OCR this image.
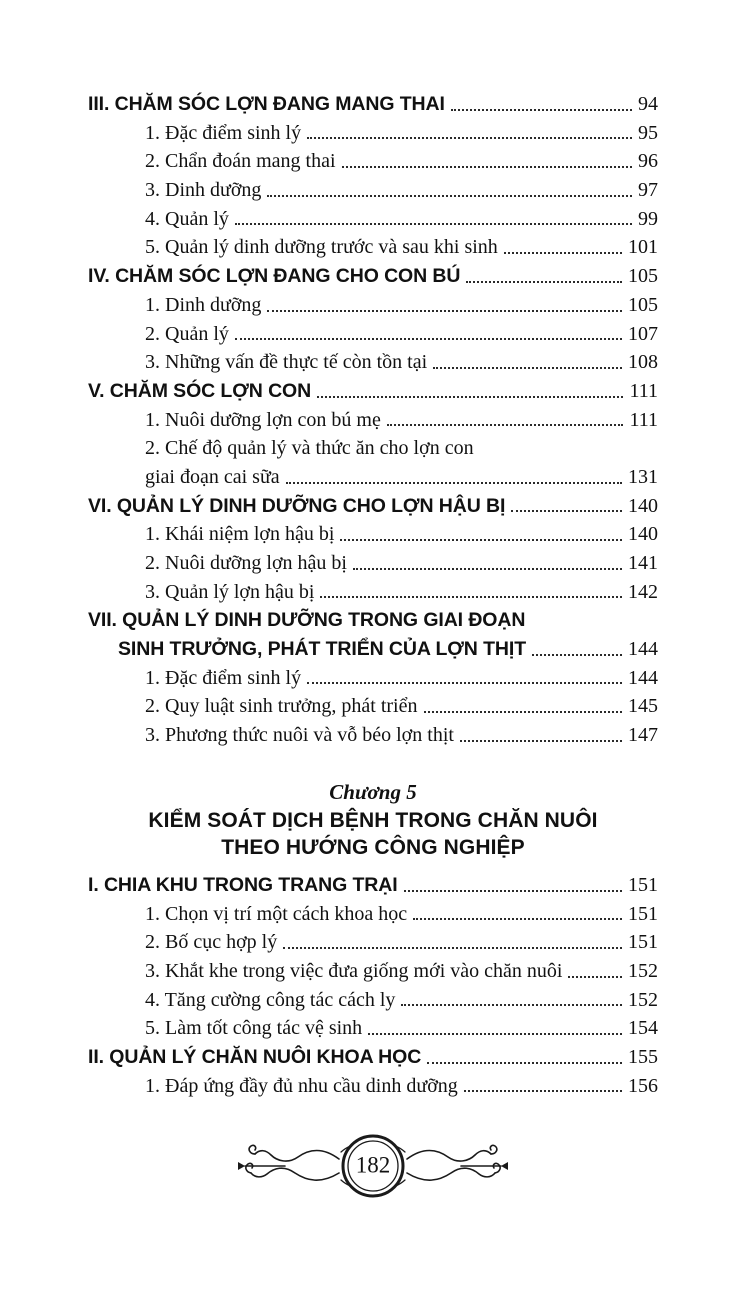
III. CHĂM SÓC LỢN ĐANG MANG THAI	94
1. Đặc điểm sinh lý	95
2. Chẩn đoán mang thai	96
3. Dinh dưỡng	97
4. Quản lý	99
5. Quản lý dinh dưỡng trước và sau khi sinh	101
IV. CHĂM SÓC LỢN ĐANG CHO CON BÚ	105
1. Dinh dưỡng	105
2. Quản lý	107
3. Những vấn đề thực tế còn tồn tại	108
V. CHĂM SÓC LỢN CON	111
1. Nuôi dưỡng lợn con bú mẹ	111
2. Chế độ quản lý và thức ăn cho lợn con
giai đoạn cai sữa	131
VI. QUẢN LÝ DINH DƯỠNG CHO LỢN HẬU BỊ	140
1. Khái niệm lợn hậu bị	140
2. Nuôi dưỡng lợn hậu bị	141
3. Quản lý lợn hậu bị	142
VII. QUẢN LÝ DINH DƯỠNG TRONG GIAI ĐOẠN
SINH TRƯỞNG, PHÁT TRIỂN CỦA LỢN THỊT	144
1. Đặc điểm sinh lý	144
2. Quy luật sinh trưởng, phát triển	145
3. Phương thức nuôi và vỗ béo lợn thịt	147
Chương 5
KIỂM SOÁT DỊCH BỆNH TRONG CHĂN NUÔI
THEO HƯỚNG CÔNG NGHIỆP
I. CHIA KHU TRONG TRANG TRẠI	151
1. Chọn vị trí một cách khoa học	151
2. Bố cục hợp lý	151
3. Khắt khe trong việc đưa giống mới vào chăn nuôi	152
4. Tăng cường công tác cách ly	152
5. Làm tốt công tác vệ sinh	154
II. QUẢN LÝ CHĂN NUÔI KHOA HỌC	155
1. Đáp ứng đầy đủ nhu cầu dinh dưỡng	156
182
